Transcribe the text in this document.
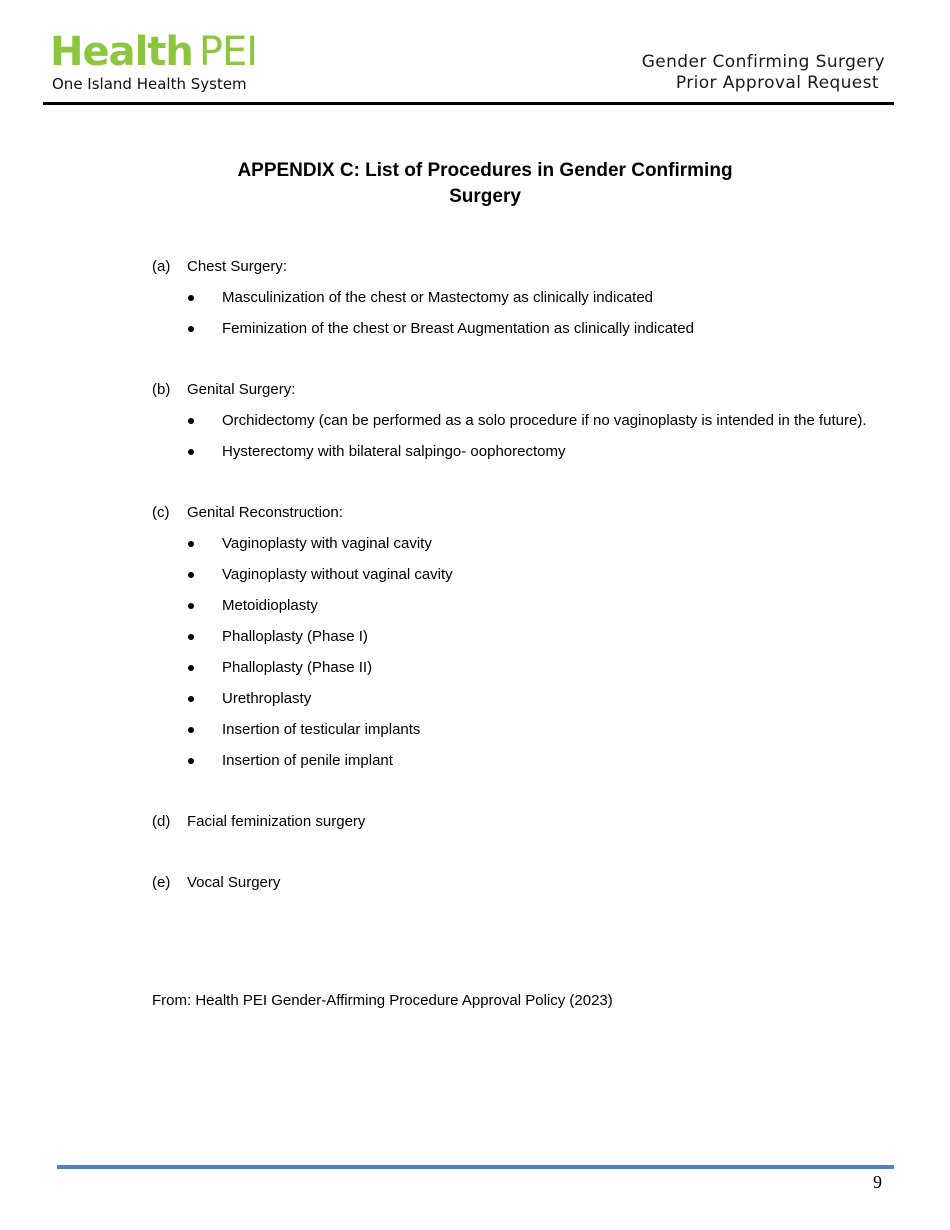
Health PEI
One Island Health System
Gender Confirming Surgery
Prior Approval Request
APPENDIX C: List of Procedures in Gender Confirming
Surgery
(a) Chest Surgery:
Masculinization of the chest or Mastectomy as clinically indicated
Feminization of the chest or Breast Augmentation as clinically indicated
(b) Genital Surgery:
Orchidectomy (can be performed as a solo procedure if no vaginoplasty is intended in the future).
Hysterectomy with bilateral salpingo- oophorectomy
(c) Genital Reconstruction:
Vaginoplasty with vaginal cavity
Vaginoplasty without vaginal cavity
Metoidioplasty
Phalloplasty (Phase I)
Phalloplasty (Phase II)
Urethroplasty
Insertion of testicular implants
Insertion of penile implant
(d) Facial feminization surgery
(e) Vocal Surgery
From: Health PEI Gender-Affirming Procedure Approval Policy (2023)
9
